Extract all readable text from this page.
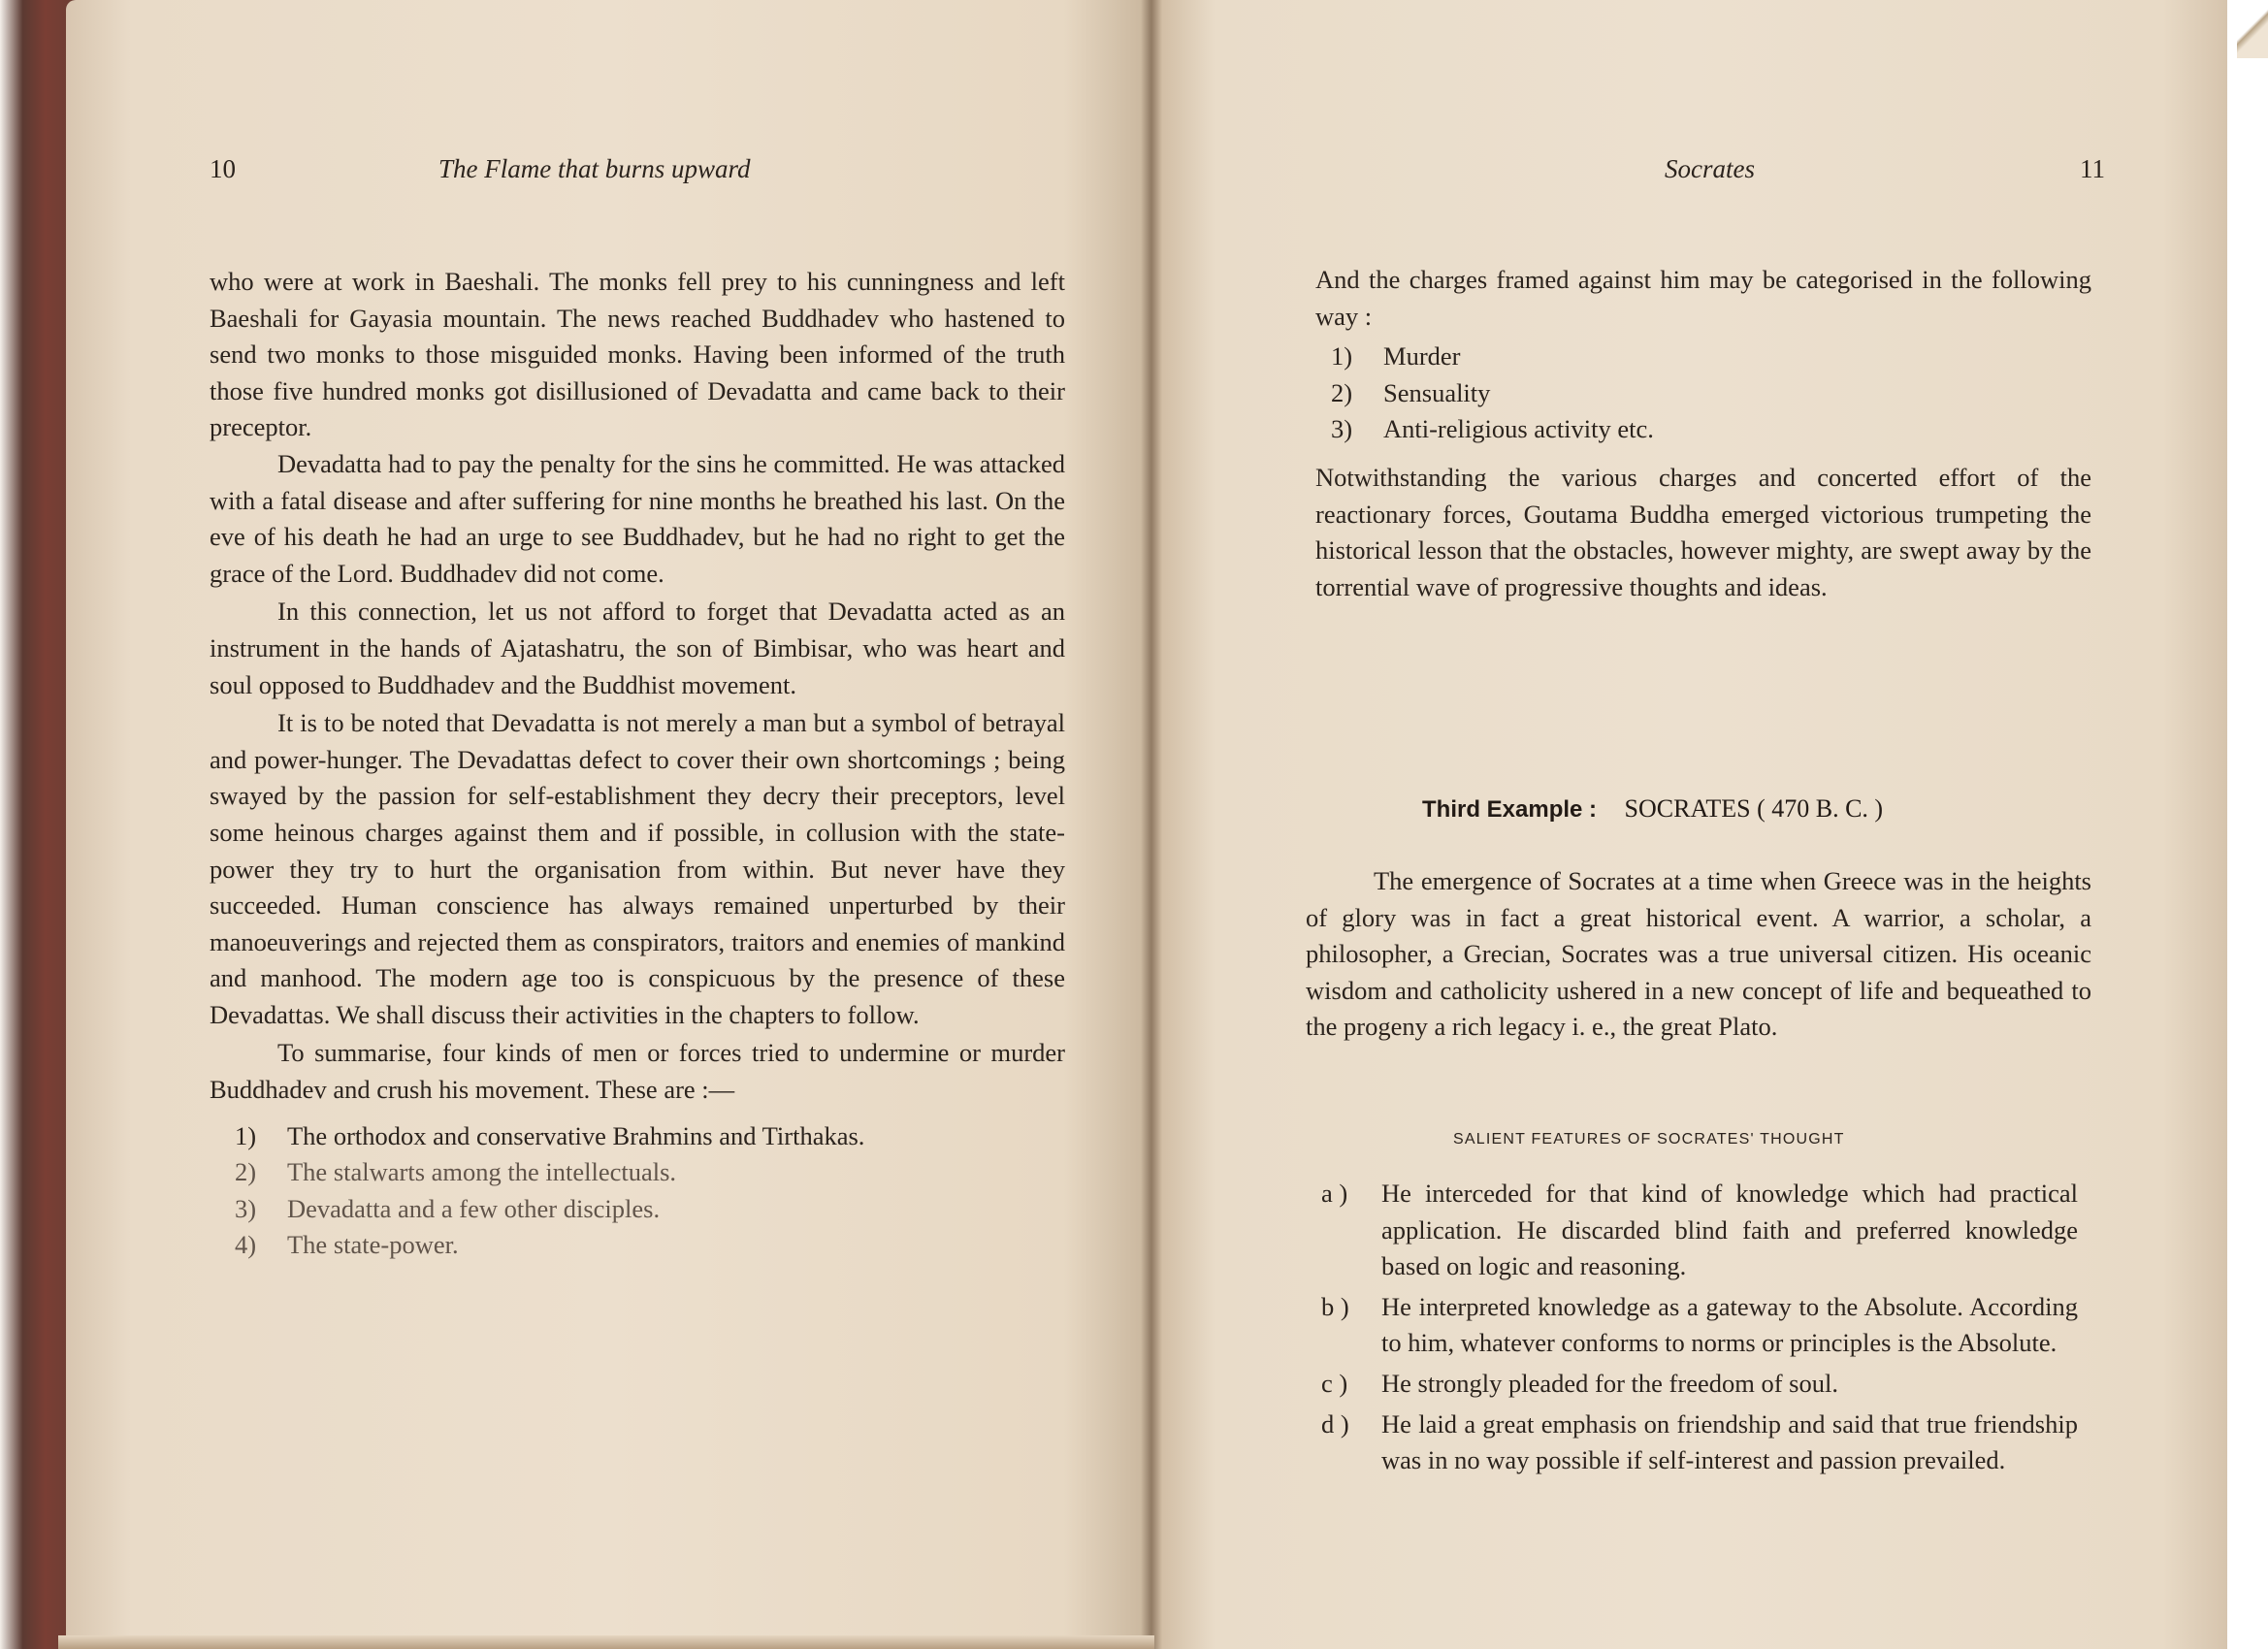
10	The Flame that burns upward

who were at work in Baeshali. The monks fell prey to his cunningness and left Baeshali for Gayasia mountain. The news reached Buddhadev who hastened to send two monks to those misguided monks. Having been informed of the truth those five hundred monks got disillusioned of Devadatta and came back to their preceptor.

Devadatta had to pay the penalty for the sins he committed. He was attacked with a fatal disease and after suffering for nine months he breathed his last. On the eve of his death he had an urge to see Buddhadev, but he had no right to get the grace of the Lord. Buddhadev did not come.

In this connection, let us not afford to forget that Devadatta acted as an instrument in the hands of Ajatashatru, the son of Bimbisar, who was heart and soul opposed to Buddhadev and the Buddhist movement.

It is to be noted that Devadatta is not merely a man but a symbol of betrayal and power-hunger. The Devadattas defect to cover their own shortcomings ; being swayed by the passion for self-establishment they decry their preceptors, level some heinous charges against them and if possible, in collusion with the state-power they try to hurt the organisation from within. But never have they succeeded. Human conscience has always remained unperturbed by their manoeuverings and rejected them as conspirators, traitors and enemies of mankind and manhood. The modern age too is conspicuous by the presence of these Devadattas. We shall discuss their activities in the chapters to follow.

To summarise, four kinds of men or forces tried to undermine or murder Buddhadev and crush his movement. These are :—

1)	The orthodox and conservative Brahmins and Tirthakas.
2)	The stalwarts among the intellectuals.
3)	Devadatta and a few other disciples.
4)	The state-power.
Socrates	11

And the charges framed against him may be categorised in the following way :

1)	Murder
2)	Sensuality
3)	Anti-religious activity etc.

Notwithstanding the various charges and concerted effort of the reactionary forces, Goutama Buddha emerged victorious trumpeting the historical lesson that the obstacles, however mighty, are swept away by the torrential wave of progressive thoughts and ideas.

Third Example : SOCRATES ( 470 B. C. )

The emergence of Socrates at a time when Greece was in the heights of glory was in fact a great historical event. A warrior, a scholar, a philosopher, a Grecian, Socrates was a true universal citizen. His oceanic wisdom and catholicity ushered in a new concept of life and bequeathed to the progeny a rich legacy i. e., the great Plato.

SALIENT FEATURES OF SOCRATES' THOUGHT
a )	He interceded for that kind of knowledge which had practical application. He discarded blind faith and preferred knowledge based on logic and reasoning.
b )	He interpreted knowledge as a gateway to the Absolute. According to him, whatever conforms to norms or principles is the Absolute.
c )	He strongly pleaded for the freedom of soul.
d )	He laid a great emphasis on friendship and said that true friendship was in no way possible if self-interest and passion prevailed.
